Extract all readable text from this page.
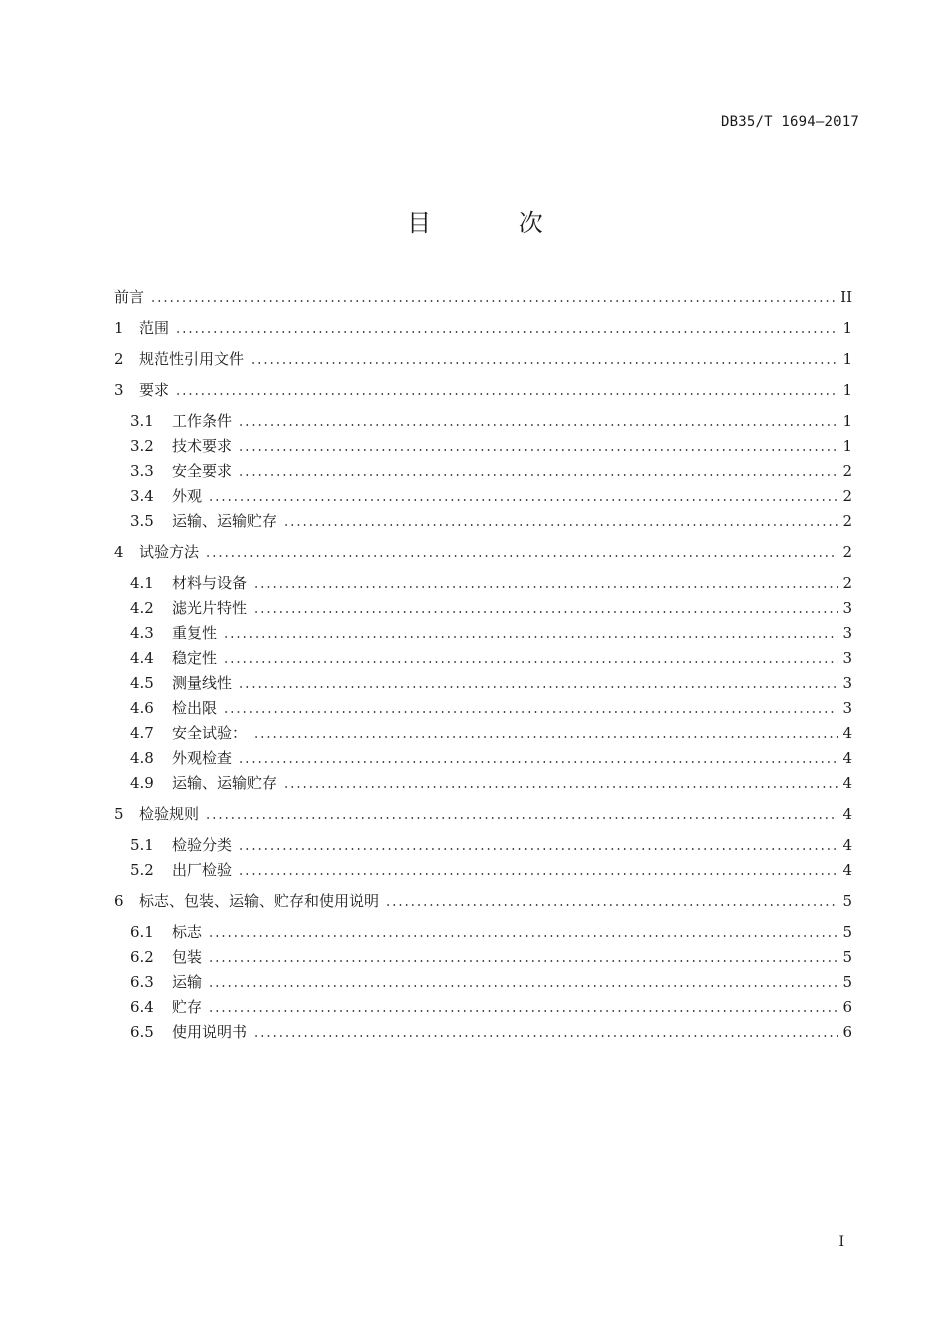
DB35/T 1694—2017
目 次
前言	II
1	范围	1
2	规范性引用文件	1
3	要求	1
3.1	工作条件	1
3.2	技术要求	1
3.3	安全要求	2
3.4	外观	2
3.5	运输、运输贮存	2
4	试验方法	2
4.1	材料与设备	2
4.2	滤光片特性	3
4.3	重复性	3
4.4	稳定性	3
4.5	测量线性	3
4.6	检出限	3
4.7	安全试验：	4
4.8	外观检查	4
4.9	运输、运输贮存	4
5	检验规则	4
5.1	检验分类	4
5.2	出厂检验	4
6	标志、包装、运输、贮存和使用说明	5
6.1	标志	5
6.2	包装	5
6.3	运输	5
6.4	贮存	6
6.5	使用说明书	6
I
